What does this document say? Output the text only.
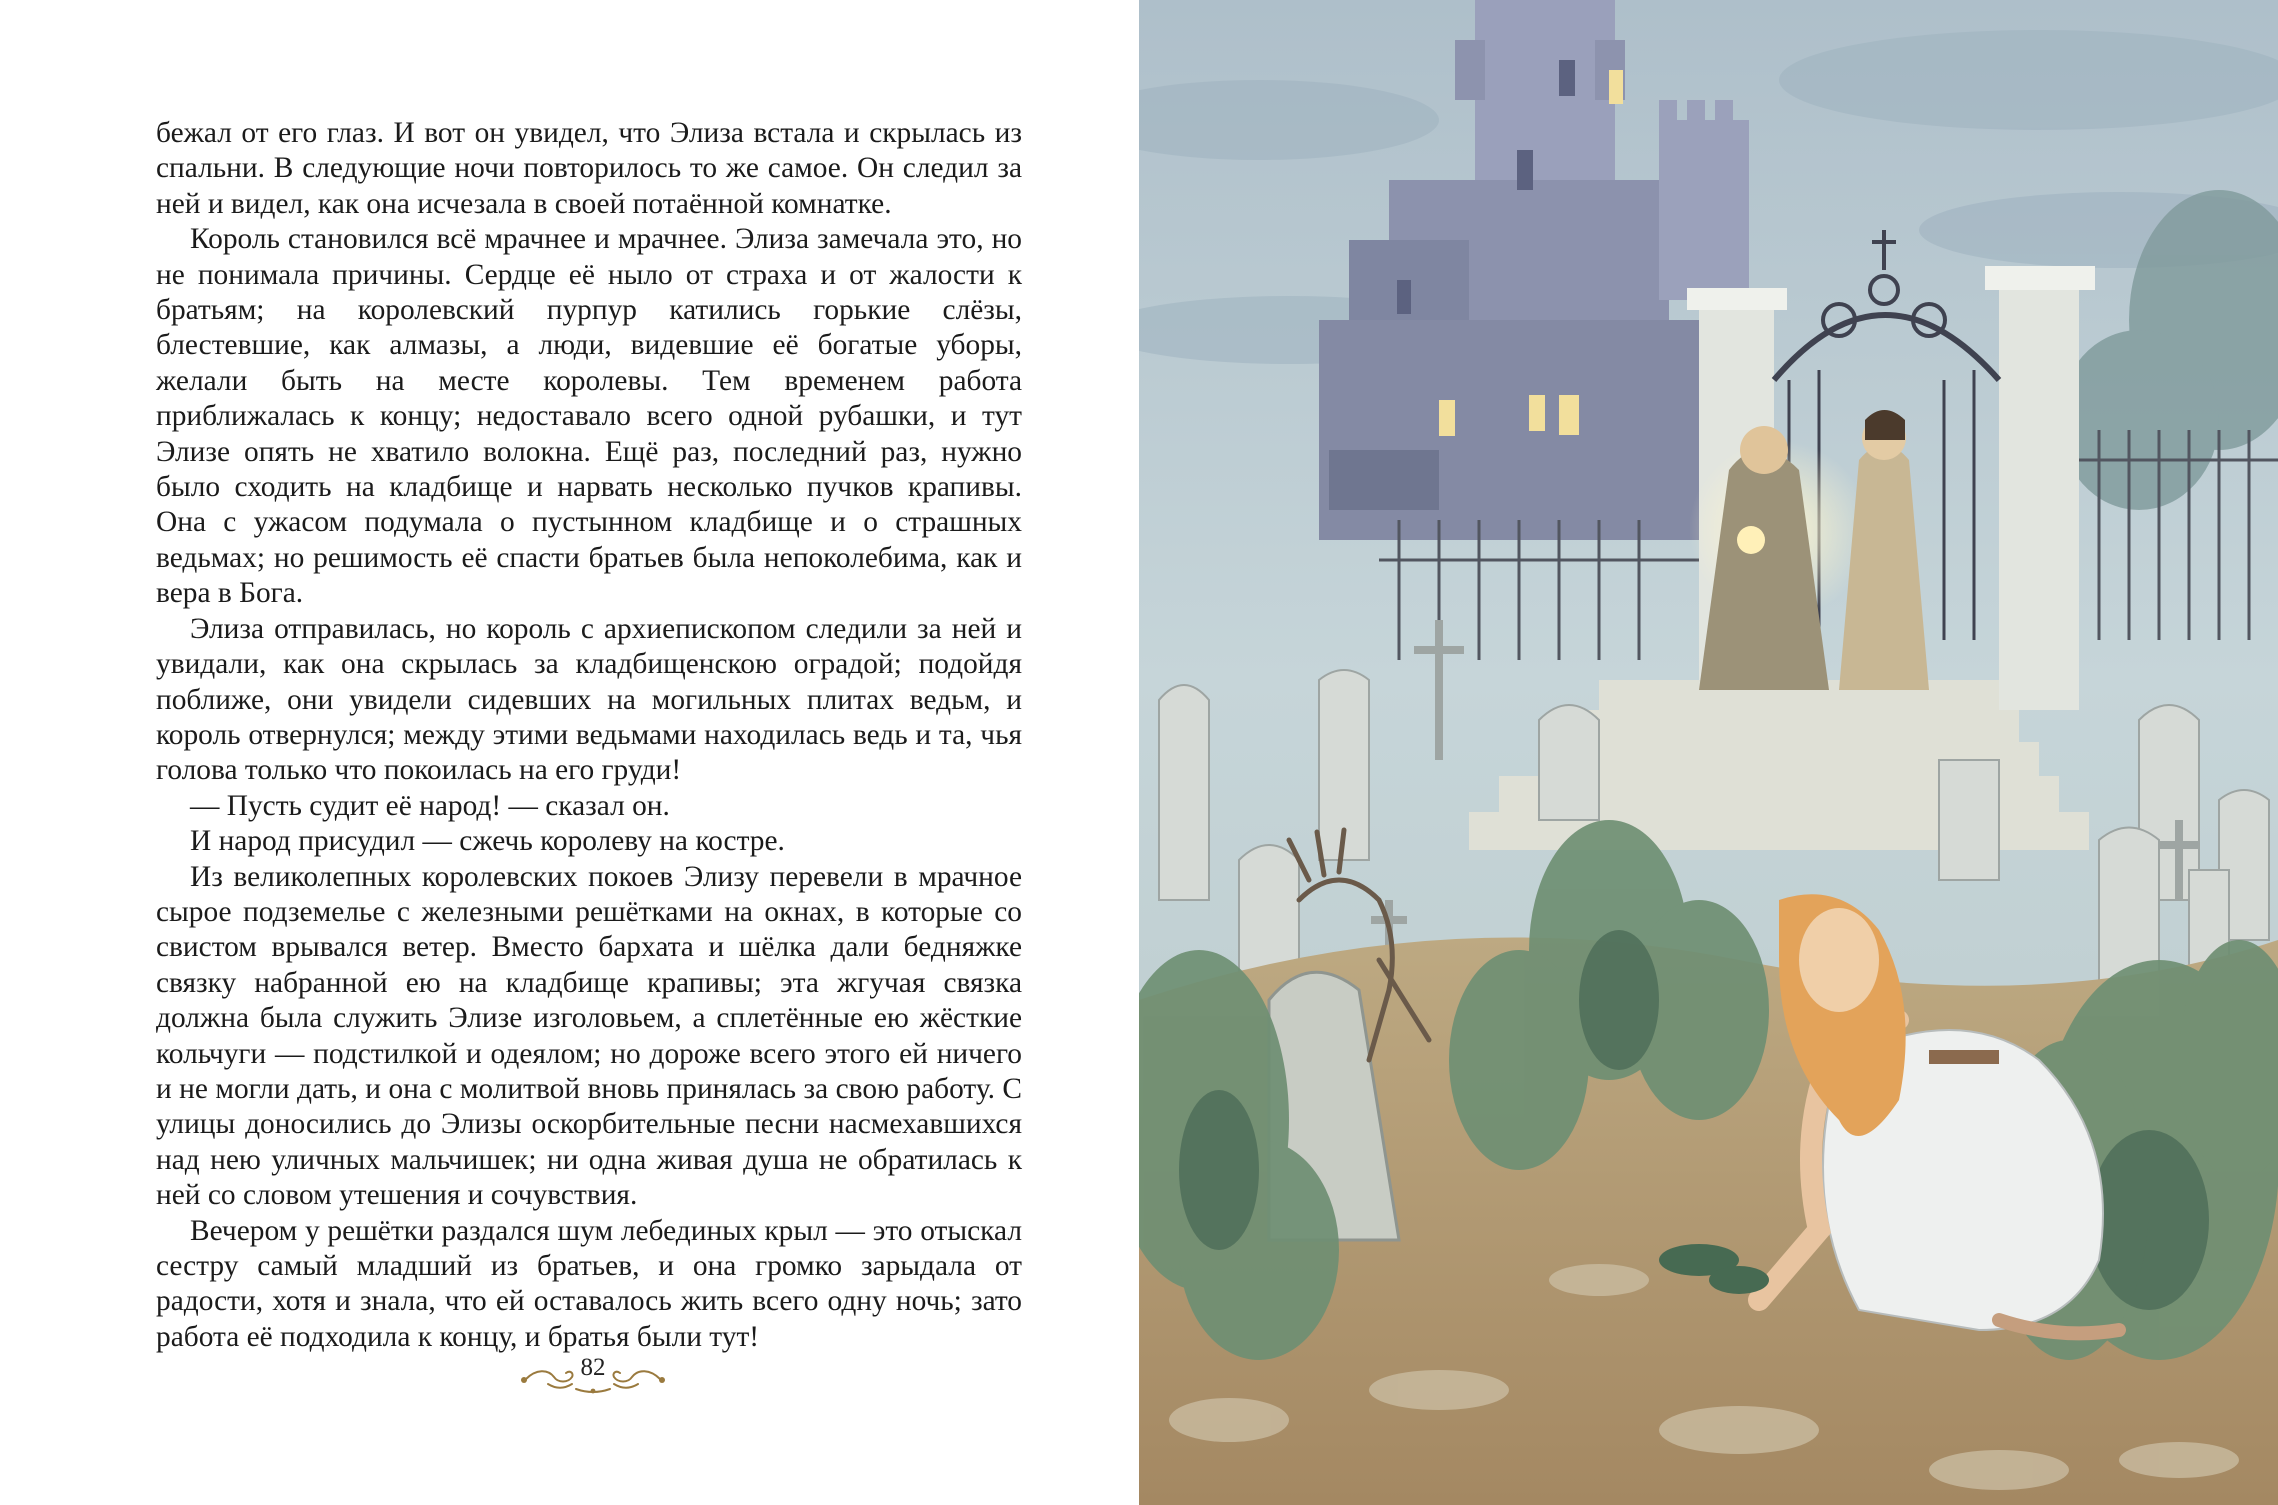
бежал от его глаз. И вот он увидел, что Элиза встала и скрылась из спальни. В следующие ночи повторилось то же самое. Он следил за ней и видел, как она исчезала в своей потаённой комнатке.

Король становился всё мрачнее и мрачнее. Элиза замечала это, но не понимала причины. Сердце её ныло от страха и от жалости к братьям; на королевский пурпур катились горькие слёзы, блестевшие, как алмазы, а люди, видевшие её богатые уборы, желали быть на месте королевы. Тем временем работа приближалась к концу; недоставало всего одной рубашки, и тут Элизе опять не хватило волокна. Ещё раз, последний раз, нужно было сходить на кладбище и нарвать несколько пучков крапивы. Она с ужасом подумала о пустынном кладбище и о страшных ведьмах; но решимость её спасти братьев была непоколебима, как и вера в Бога.

Элиза отправилась, но король с архиепископом следили за ней и увидали, как она скрылась за кладбищенскою оградой; подойдя поближе, они увидели сидевших на могильных плитах ведьм, и король отвернулся; между этими ведьмами находилась ведь и та, чья голова только что покоилась на его груди!

— Пусть судит её народ! — сказал он.

И народ присудил — сжечь королеву на костре.

Из великолепных королевских покоев Элизу перевели в мрачное сырое подземелье с железными решётками на окнах, в которые со свистом врывался ветер. Вместо бархата и шёлка дали бедняжке связку набранной ею на кладбище крапивы; эта жгучая связка должна была служить Элизе изголовьем, а сплетённые ею жёсткие кольчуги — подстилкой и одеялом; но дороже всего этого ей ничего и не могли дать, и она с молитвой вновь принялась за свою работу. С улицы доносились до Элизы оскорбительные песни насмехавшихся над нею уличных мальчишек; ни одна живая душа не обратилась к ней со словом утешения и сочувствия.

Вечером у решётки раздался шум лебединых крыл — это отыскал сестру самый младший из братьев, и она громко зарыдала от радости, хотя и знала, что ей оставалось жить всего одну ночь; зато работа её подходила к концу, и братья были тут!

82
